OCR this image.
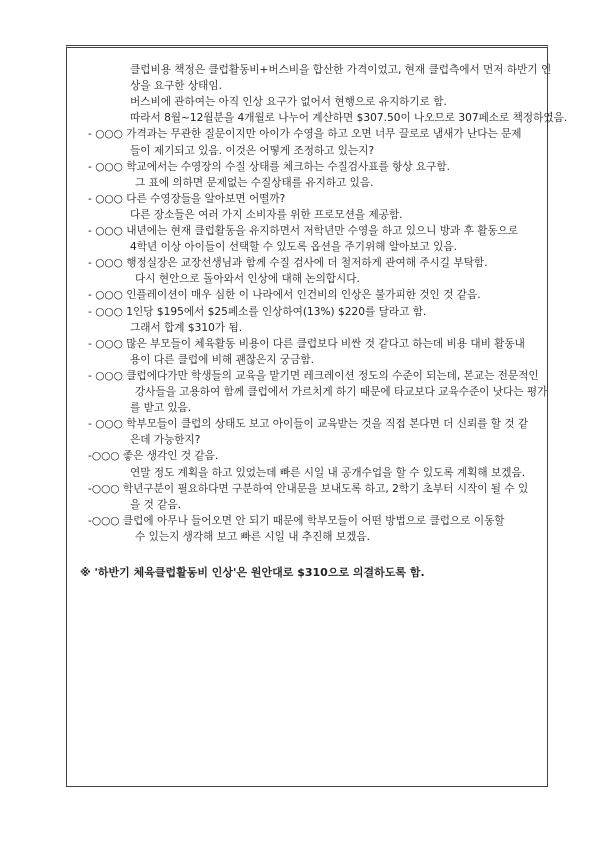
클럽비용 책정은 클럽활동비+버스비을 합산한 가격이었고, 현재 클럽측에서 먼저 하반기 인
상을 요구한 상태임.
버스비에 관하여는 아직 인상 요구가 없어서 현행으로 유지하기로 함.
따라서 8월~12월분을 4개월로 나누어 계산하면 $307.50이 나오므로 307페소로 책정하였음.
- ○○○ 가격과는 무관한 질문이지만 아이가 수영을 하고 오면 너무 끌로로 냄새가 난다는 문제
들이 제기되고 있음. 이것은 어떻게 조정하고 있는지?
- ○○○ 학교에서는 수영장의 수질 상태를 체크하는 수질검사표를 항상 요구함.
그 표에 의하면 문제없는 수질상태를 유지하고 있음.
- ○○○ 다른 수영장들을 알아보면 어떨까?
다른 장소들은 여러 가지 소비자를 위한 프로모션을 제공함.
- ○○○ 내년에는 현재 클럽활동을 유지하면서 저학년만 수영을 하고 있으니 방과 후 활동으로
4학년 이상 아이들이 선택할 수 있도록 옵션을 주기위해 알아보고 있음.
- ○○○ 행정실장은 교장선생님과 함께 수질 검사에 더 철저하게 관여해 주시길 부탁함.
다시 현안으로 돌아와서 인상에 대해 논의합시다.
- ○○○ 인플레이션이 매우 심한 이 나라에서 인건비의 인상은 불가피한 것인 것 같음.
- ○○○ 1인당 $195에서 $25페소를 인상하여(13%) $220를 달라고 함.
그래서 합계 $310가 됨.
- ○○○ 많은 부모들이 체육활동 비용이 다른 클럽보다 비싼 것 같다고 하는데 비용 대비 활동내
용이 다른 클럽에 비해 괜찮은지 궁금함.
- ○○○ 클럽에다가만 학생들의 교육을 맡기면 레크레이션 정도의 수준이 되는데, 본교는 전문적인
강사들을 고용하여 함께 클럽에서 가르치게 하기 때문에 타교보다 교육수준이 낫다는 평가
를 받고 있음.
- ○○○ 학부모들이 클럽의 상태도 보고 아이들이 교육받는 것을 직접 본다면 더 신뢰를 할 것 같
은데 가능한지?
-○○○ 좋은 생각인 것 같음.
연말 정도 계획을 하고 있었는데 빠른 시일 내 공개수업을 할 수 있도록 계획해 보겠음.
-○○○ 학년구분이 필요하다면 구분하여 안내문을 보내도록 하고, 2학기 초부터 시작이 될 수 있
을 것 같음.
-○○○ 클럽에 아무나 들어오면 안 되기 때문에 학부모들이 어떤 방법으로 클럽으로 이동할
수 있는지 생각해 보고 빠른 시일 내 추진해 보겠음.
※ '하반기 체육클럽활동비 인상'은 원안대로 $310으로 의결하도록 함.
